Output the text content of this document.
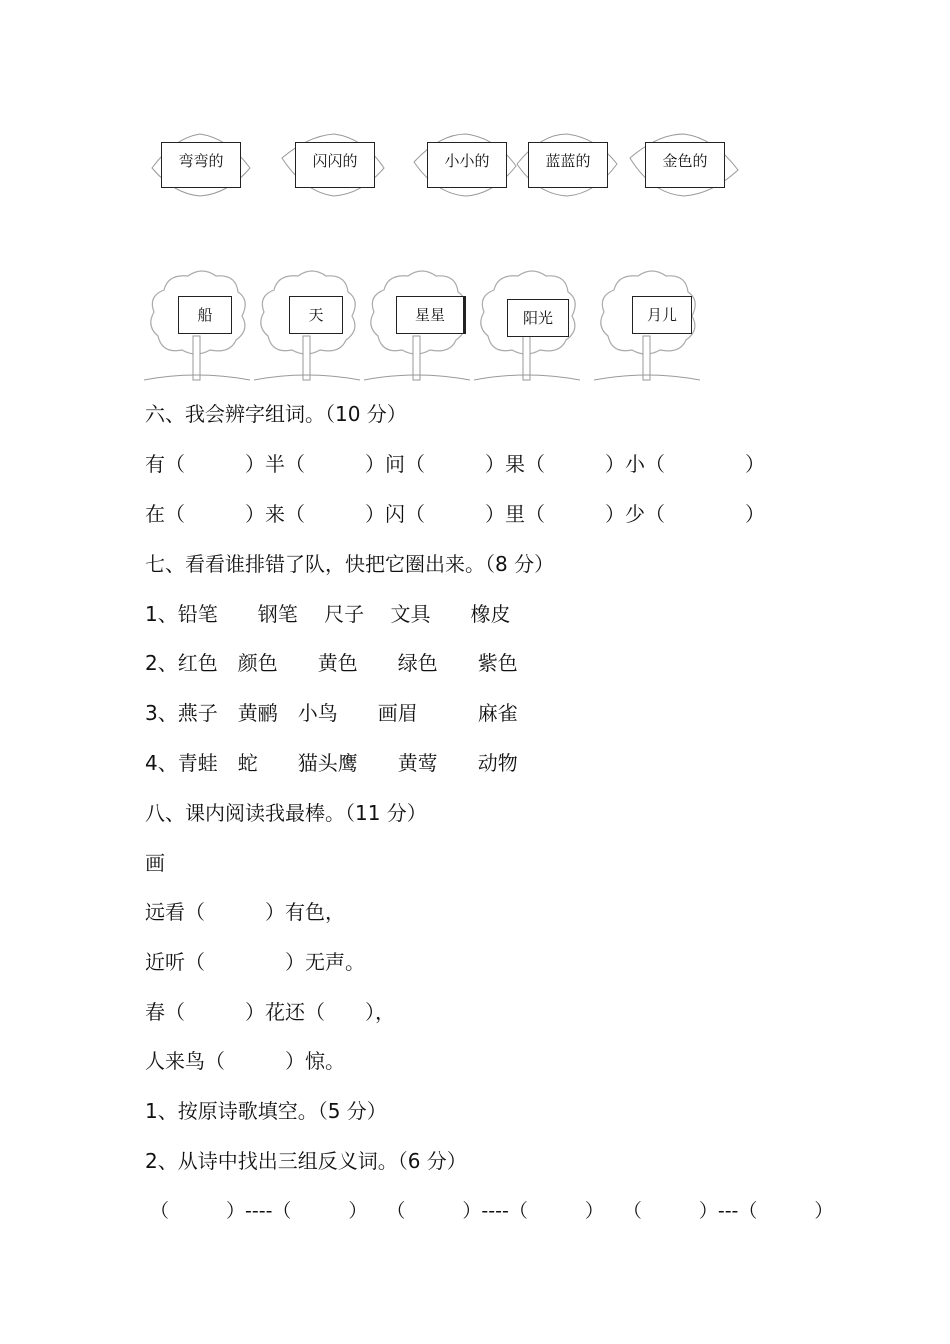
弯弯的	闪闪的	小小的	蓝蓝的	金色的
船	天	星星	阳光	月儿
六、我会辨字组词。（10 分）
有（　　　）半（　　　）问（　　　）果（　　　）小（　　　　）
在（　　　）来（　　　）闪（　　　）里（　　　）少（　　　　）
七、看看谁排错了队，快把它圈出来。（8 分）
1、铅笔　　钢笔　 尺子　 文具　　橡皮
2、红色　颜色　　黄色　　绿色　　紫色
3、燕子　黄鹂　小鸟　　画眉　　　麻雀
4、青蛙　蛇　　猫头鹰　　黄莺　　动物
八、课内阅读我最棒。（11 分）
画
远看（　　　）有色，
近听（　　　　）无声。
春（　　　）花还（　　），
人来鸟（　　　）惊。
1、按原诗歌填空。（5 分）
2、从诗中找出三组反义词。（6 分）
（　　　）----（　　　）　　（　　　）----（　　　）　　（　　　）---（　　　）
